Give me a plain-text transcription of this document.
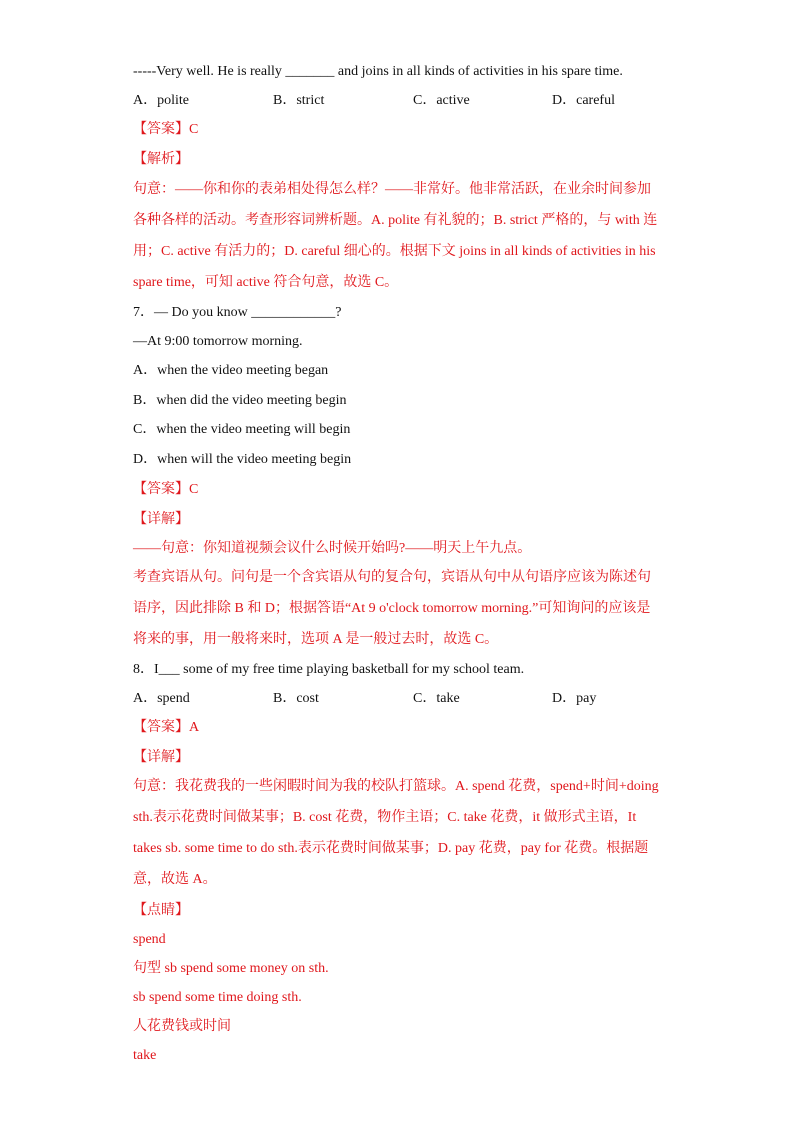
-----Very well. He is really _______ and joins in all kinds of activities in his spare time.
A．polite	B．strict	C．active	D．careful
【答案】C
【解析】
句意：——你和你的表弟相处得怎么样？——非常好。他非常活跃，在业余时间参加
各种各样的活动。考查形容词辨析题。A. polite 有礼貌的；B. strict 严格的，与 with 连
用；C. active 有活力的；D. careful 细心的。根据下文 joins in all kinds of activities in his
spare time，可知 active 符合句意，故选 C。
7．— Do you know ____________?
—At 9:00 tomorrow morning.
A．when the video meeting began
B．when did the video meeting begin
C．when the video meeting will begin
D．when will the video meeting begin
【答案】C
【详解】
——句意：你知道视频会议什么时候开始吗?——明天上午九点。
考查宾语从句。问句是一个含宾语从句的复合句，宾语从句中从句语序应该为陈述句
语序，因此排除 B 和 D；根据答语“At 9 o'clock tomorrow morning.”可知询问的应该是
将来的事，用一般将来时，选项 A 是一般过去时，故选 C。
8．I___ some of my free time playing basketball for my school team.
A．spend	B．cost	C．take	D．pay
【答案】A
【详解】
句意：我花费我的一些闲暇时间为我的校队打篮球。A. spend 花费，spend+时间+doing
sth.表示花费时间做某事；B. cost 花费，物作主语；C. take 花费，it 做形式主语，It
takes sb. some time to do sth.表示花费时间做某事；D. pay 花费，pay for 花费。根据题
意，故选 A。
【点睛】
spend
句型 sb spend some money on sth.
sb spend some time doing sth.
人花费钱或时间
take
